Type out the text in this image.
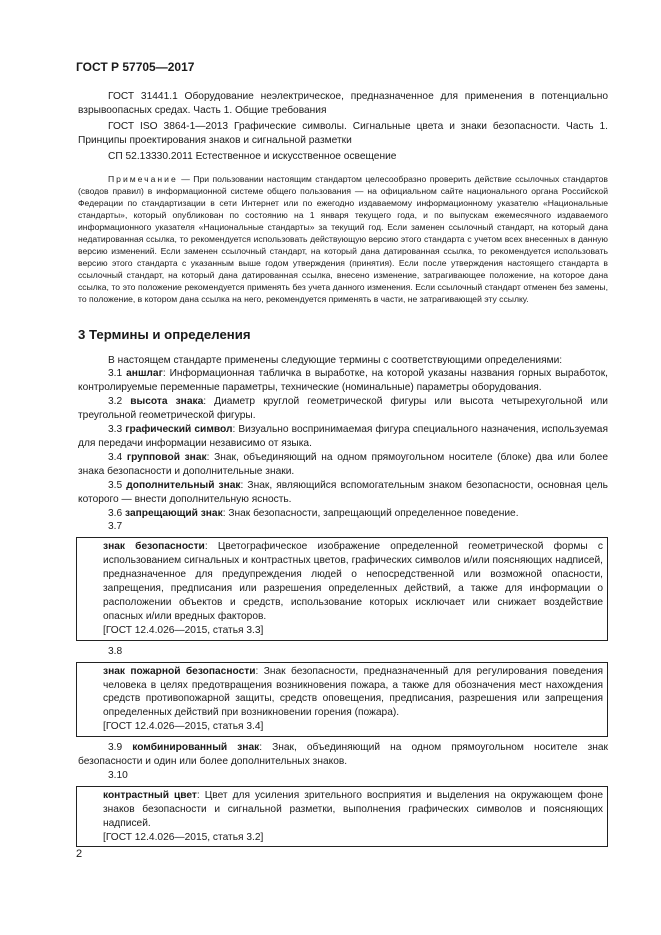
ГОСТ Р 57705—2017

ГОСТ 31441.1 Оборудование неэлектрическое, предназначенное для применения в потенциально взрывоопасных средах. Часть 1. Общие требования

ГОСТ ISO 3864-1—2013 Графические символы. Сигнальные цвета и знаки безопасности. Часть 1. Принципы проектирования знаков и сигнальной разметки

СП 52.13330.2011 Естественное и искусственное освещение

Примечание — При пользовании настоящим стандартом целесообразно проверить действие ссылочных стандартов (сводов правил) в информационной системе общего пользования — на официальном сайте национального органа Российской Федерации по стандартизации в сети Интернет или по ежегодно издаваемому информационному указателю «Национальные стандарты», который опубликован по состоянию на 1 января текущего года, и по выпускам ежемесячного издаваемого информационного указателя «Национальные стандарты» за текущий год. Если заменен ссылочный стандарт, на который дана недатированная ссылка, то рекомендуется использовать действующую версию этого стандарта с учетом всех внесенных в данную версию изменений. Если заменен ссылочный стандарт, на который дана датированная ссылка, то рекомендуется использовать версию этого стандарта с указанным выше годом утверждения (принятия). Если после утверждения настоящего стандарта в ссылочный стандарт, на который дана датированная ссылка, внесено изменение, затрагивающее положение, на которое дана ссылка, то это положение рекомендуется применять без учета данного изменения. Если ссылочный стандарт отменен без замены, то положение, в котором дана ссылка на него, рекомендуется применять в части, не затрагивающей эту ссылку.

3 Термины и определения

В настоящем стандарте применены следующие термины с соответствующими определениями:

3.1 аншлаг: Информационная табличка в выработке, на которой указаны названия горных выработок, контролируемые переменные параметры, технические (номинальные) параметры оборудования.

3.2 высота знака: Диаметр круглой геометрической фигуры или высота четырехугольной или треугольной геометрической фигуры.

3.3 графический символ: Визуально воспринимаемая фигура специального назначения, используемая для передачи информации независимо от языка.

3.4 групповой знак: Знак, объединяющий на одном прямоугольном носителе (блоке) два или более знака безопасности и дополнительные знаки.

3.5 дополнительный знак: Знак, являющийся вспомогательным знаком безопасности, основная цель которого — внести дополнительную ясность.

3.6 запрещающий знак: Знак безопасности, запрещающий определенное поведение.

3.7

знак безопасности: Цветографическое изображение определенной геометрической формы с использованием сигнальных и контрастных цветов, графических символов и/или поясняющих надписей, предназначенное для предупреждения людей о непосредственной или возможной опасности, запрещения, предписания или разрешения определенных действий, а также для информации о расположении объектов и средств, использование которых исключает или снижает воздействие опасных и/или вредных факторов.

[ГОСТ 12.4.026—2015, статья 3.3]

3.8

знак пожарной безопасности: Знак безопасности, предназначенный для регулирования поведения человека в целях предотвращения возникновения пожара, а также для обозначения мест нахождения средств противопожарной защиты, средств оповещения, предписания, разрешения или запрещения определенных действий при возникновении горения (пожара).

[ГОСТ 12.4.026—2015, статья 3.4]

3.9 комбинированный знак: Знак, объединяющий на одном прямоугольном носителе знак безопасности и один или более дополнительных знаков.

3.10

контрастный цвет: Цвет для усиления зрительного восприятия и выделения на окружающем фоне знаков безопасности и сигнальной разметки, выполнения графических символов и поясняющих надписей.

[ГОСТ 12.4.026—2015, статья 3.2]

2
